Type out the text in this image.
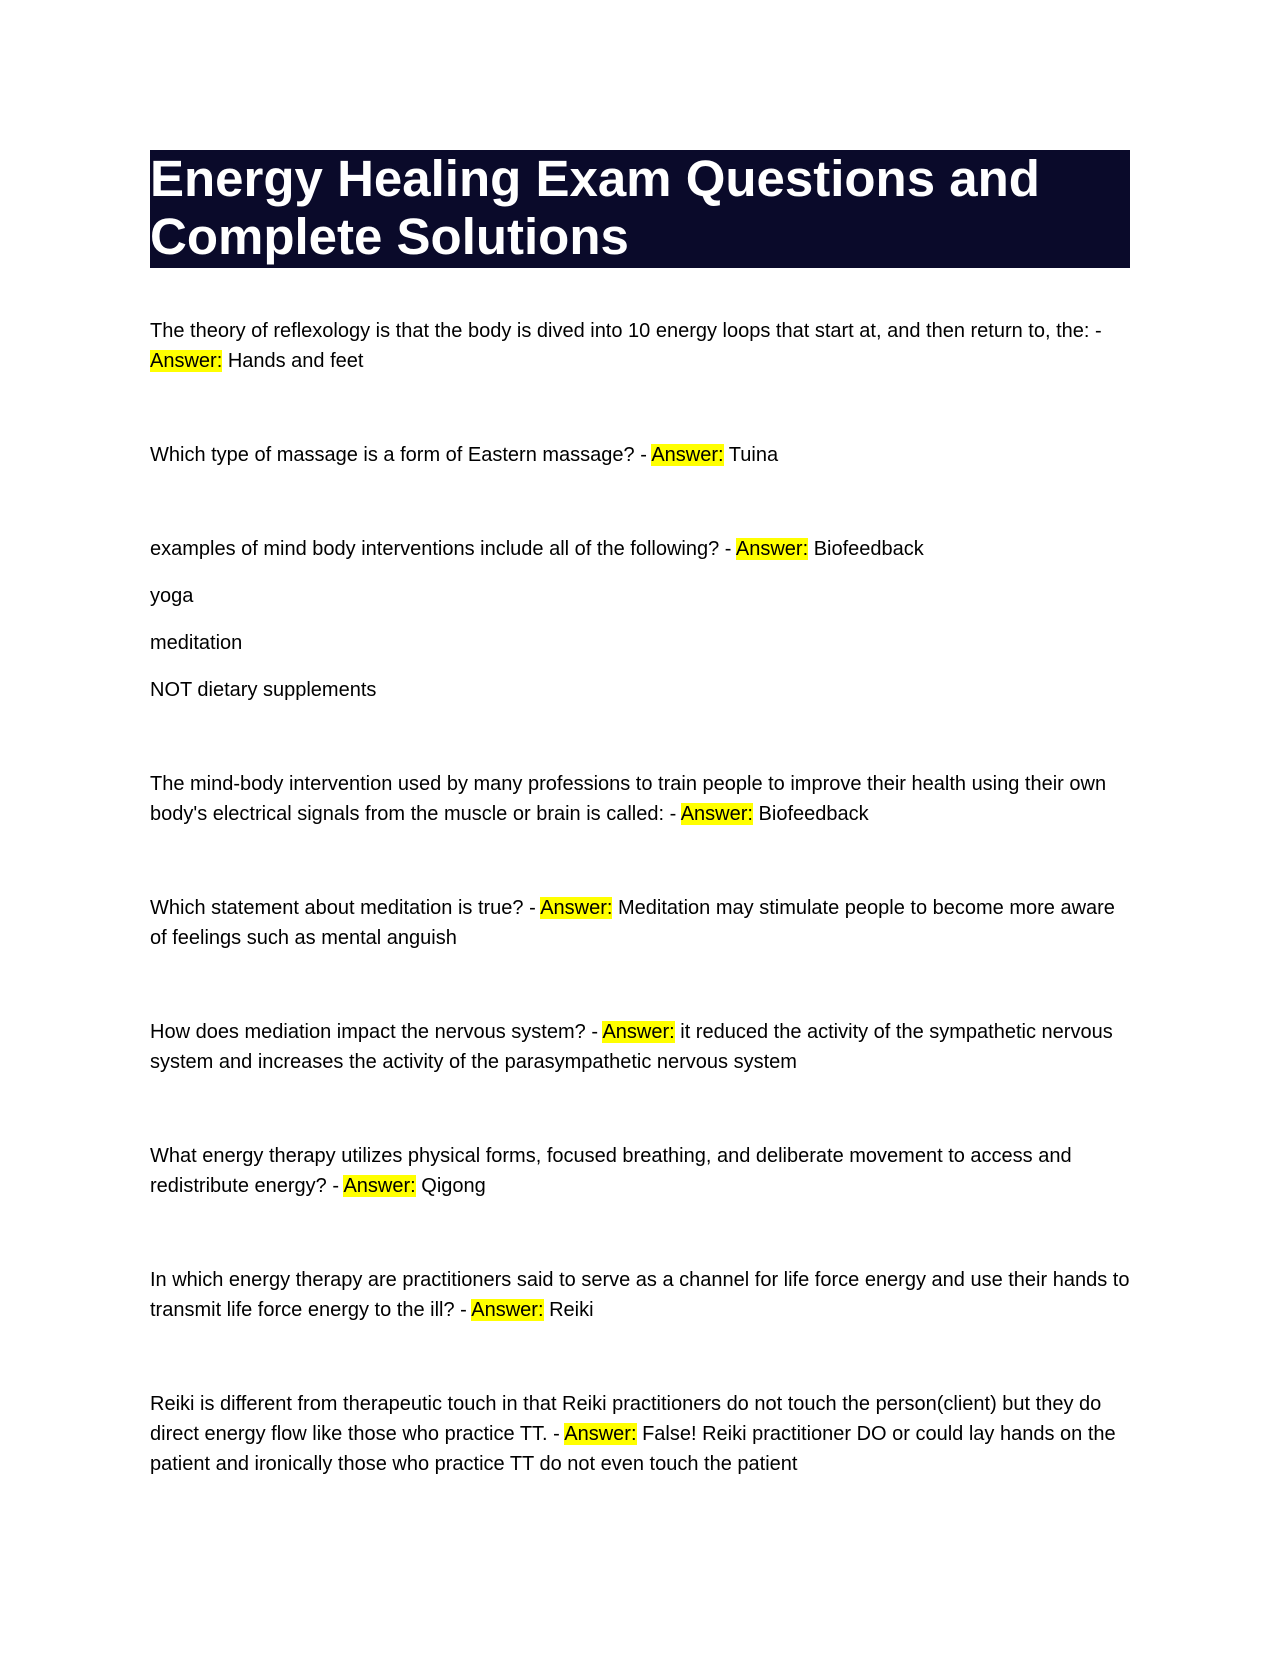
Energy Healing Exam Questions and Complete Solutions
The theory of reflexology is that the body is dived into 10 energy loops that start at, and then return to, the: - Answer: Hands and feet
Which type of massage is a form of Eastern massage? - Answer: Tuina
examples of mind body interventions include all of the following? - Answer: Biofeedback
yoga
meditation
NOT dietary supplements
The mind-body intervention used by many professions to train people to improve their health using their own body's electrical signals from the muscle or brain is called: - Answer: Biofeedback
Which statement about meditation is true? - Answer: Meditation may stimulate people to become more aware of feelings such as mental anguish
How does mediation impact the nervous system? - Answer: it reduced the activity of the sympathetic nervous system and increases the activity of the parasympathetic nervous system
What energy therapy utilizes physical forms, focused breathing, and deliberate movement to access and redistribute energy? - Answer: Qigong
In which energy therapy are practitioners said to serve as a channel for life force energy and use their hands to transmit life force energy to the ill? - Answer: Reiki
Reiki is different from therapeutic touch in that Reiki practitioners do not touch the person(client) but they do direct energy flow like those who practice TT. - Answer: False! Reiki practitioner DO or could lay hands on the patient and ironically those who practice TT do not even touch the patient
